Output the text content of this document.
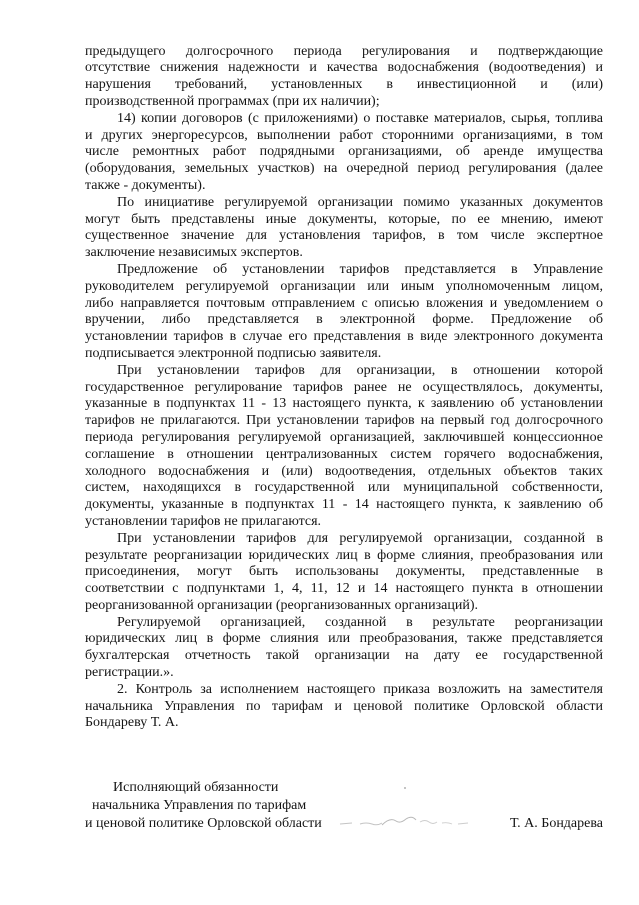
предыдущего долгосрочного периода регулирования и подтверждающие
отсутствие снижения надежности и качества водоснабжения (водоотведения) и
нарушения требований, установленных в инвестиционной и (или)
производственной программах (при их наличии);
14) копии договоров (с приложениями) о поставке материалов, сырья, топлива
и других энергоресурсов, выполнении работ сторонними организациями, в том
числе ремонтных работ подрядными организациями, об аренде имущества
(оборудования, земельных участков) на очередной период регулирования (далее
также - документы).
По инициативе регулируемой организации помимо указанных документов
могут быть представлены иные документы, которые, по ее мнению, имеют
существенное значение для установления тарифов, в том числе экспертное
заключение независимых экспертов.
Предложение об установлении тарифов представляется в Управление
руководителем регулируемой организации или иным уполномоченным лицом,
либо направляется почтовым отправлением с описью вложения и уведомлением о
вручении, либо представляется в электронной форме. Предложение об
установлении тарифов в случае его представления в виде электронного документа
подписывается электронной подписью заявителя.
При установлении тарифов для организации, в отношении которой
государственное регулирование тарифов ранее не осуществлялось, документы,
указанные в подпунктах 11 - 13 настоящего пункта, к заявлению об установлении
тарифов не прилагаются. При установлении тарифов на первый год долгосрочного
периода регулирования регулируемой организацией, заключившей концессионное
соглашение в отношении централизованных систем горячего водоснабжения,
холодного водоснабжения и (или) водоотведения, отдельных объектов таких
систем, находящихся в государственной или муниципальной собственности,
документы, указанные в подпунктах 11 - 14 настоящего пункта, к заявлению об
установлении тарифов не прилагаются.
При установлении тарифов для регулируемой организации, созданной в
результате реорганизации юридических лиц в форме слияния, преобразования или
присоединения, могут быть использованы документы, представленные в
соответствии с подпунктами 1, 4, 11, 12 и 14 настоящего пункта в отношении
реорганизованной организации (реорганизованных организаций).
Регулируемой организацией, созданной в результате реорганизации
юридических лиц в форме слияния или преобразования, также представляется
бухгалтерская отчетность такой организации на дату ее государственной
регистрации.».
2. Контроль за исполнением настоящего приказа возложить на заместителя
начальника Управления по тарифам и ценовой политике Орловской области
Бондареву Т. А.
Исполняющий обязанности
начальника Управления по тарифам
и ценовой политике Орловской области	Т. А. Бондарева
